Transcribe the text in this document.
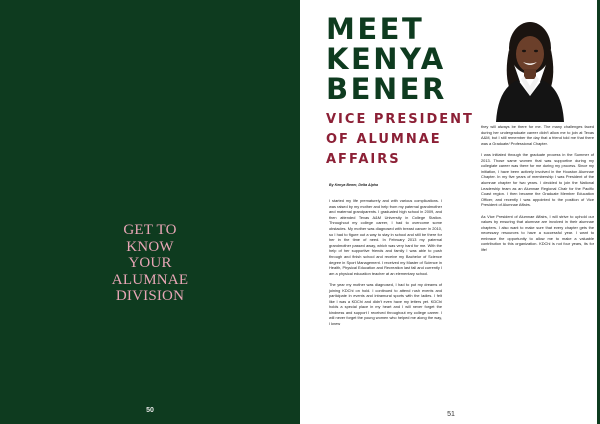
GET TO
KNOW
YOUR
ALUMNAE
DIVISION
50
MEET
KENYA
BENER
VICE PRESIDENT
OF ALUMNAE
AFFAIRS
By Kenya Bener, Delta Alpha

I started my life prematurely and with various complications. I was raised by my mother and help from my paternal grandmother and maternal grandparents. I graduated high school in 2009, and then attended Texas A&M University in College Station. Throughout my college career, I had to overcome some obstacles. My mother was diagnosed with breast cancer in 2010, so I had to figure out a way to stay in school and still be there for her in the time of need. In February 2013 my paternal grandmother passed away, which was very hard for me. With the help of her supportive friends and family I was able to push through and finish school and receive my Bachelor of Science degree in Sport Management. I received my Master of Science in Health, Physical Education and Recreation last fall and currently I am a physical education teacher at an elementary school.

The year my mother was diagnosed, I had to put my dreams of joining KDChi on hold. I continued to attend rush events and participate in events and intramural sports with the ladies. I felt like I was a KDChi and didn't even have my letters yet. KDChi holds a special place in my heart and I will never forget the kindness and support I received throughout my college career. I will never forget the young women who helped me along the way, I knew

they will always be there for me. The many challenges faced during her undergraduate career didn't allow me to join at Texas A&M, but I still remember the day that a friend told me that there was a Graduate/ Professional Chapter.

I was initiated through the graduate process in the Summer of 2013. Those same women that was supportive during my collegiate career was there for me during my process. Since my initiation, I have been actively involved in the Houston Alumnae Chapter. In my five years of membership I was President of the alumnae chapter for two years. I decided to join the National Leadership team as an Alumnae Regional Chair for the Pacific Coast region. I then became the Graduate Member Education Officer, and recently I was appointed to the position of Vice President of Alumnae Affairs.

As Vice President of Alumnae Affairs, I will strive to uphold our values by ensuring that alumnae are involved in their alumnae chapters. I also want to make sure that every chapter gets the necessary resources to have a successful year. I want to embrace the opportunity to allow me to make a valuable contribution to this organization. KDChi is not four years, its for life!

51
